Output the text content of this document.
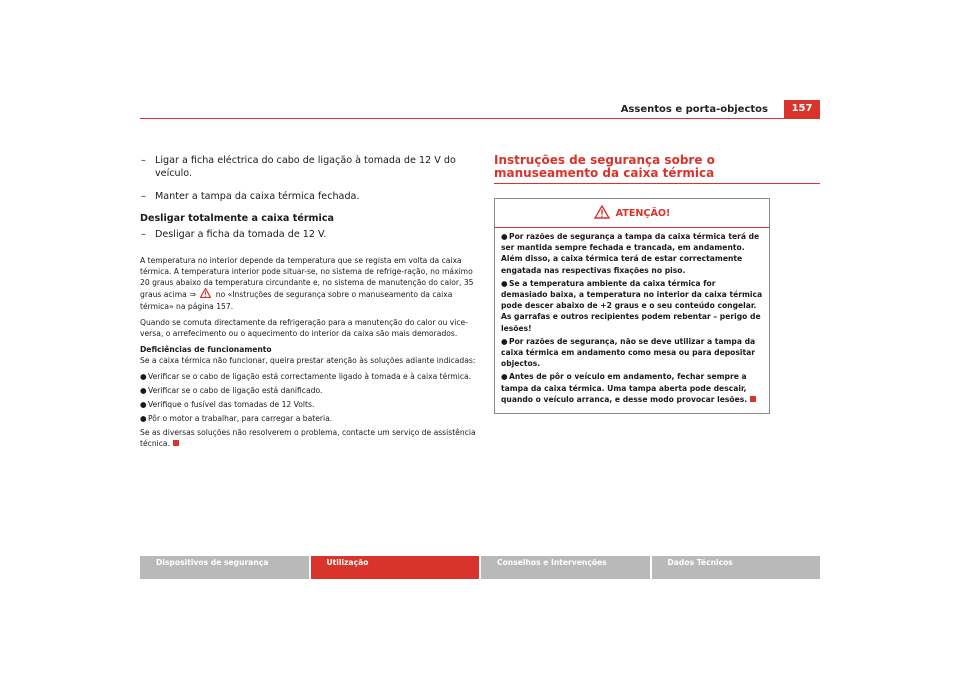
Assentos e porta-objectos	157
– Ligar a ficha eléctrica do cabo de ligação à tomada de 12 V do veículo.
– Manter a tampa da caixa térmica fechada.
Desligar totalmente a caixa térmica
– Desligar a ficha da tomada de 12 V.

A temperatura no interior depende da temperatura que se regista em volta da caixa térmica. A temperatura interior pode situar-se, no sistema de refrige-ração, no máximo 20 graus abaixo da temperatura circundante e, no sistema de manutenção do calor, 35 graus acima ⇒	no «Instruções de segurança sobre o manuseamento da caixa térmica» na página 157.

Quando se comuta directamente da refrigeração para a manutenção do calor ou vice-versa, o arrefecimento ou o aquecimento do interior da caixa são mais demorados.

Deficiências de funcionamento

Se a caixa térmica não funcionar, queira prestar atenção às soluções adiante indicadas:

●Verificar se o cabo de ligação está correctamente ligado à tomada e à caixa térmica.

●Verificar se o cabo de ligação está danificado.

●Verifique o fusível das tomadas de 12 Volts.

●Pôr o motor a trabalhar, para carregar a bateria.

Se as diversas soluções não resolverem o problema, contacte um serviço de assistência técnica.

Instruções de segurança sobre o manuseamento da caixa térmica

ATENÇÃO!

●Por razões de segurança a tampa da caixa térmica terá de ser mantida sempre fechada e trancada, em andamento. Além disso, a caixa térmica terá de estar correctamente engatada nas respectivas fixações no piso.

●Se a temperatura ambiente da caixa térmica for demasiado baixa, a temperatura no interior da caixa térmica pode descer abaixo de +2 graus e o seu conteúdo congelar. As garrafas e outros recipientes podem rebentar – perigo de lesões!

●Por razões de segurança, não se deve utilizar a tampa da caixa térmica em andamento como mesa ou para depositar objectos.

●Antes de pôr o veículo em andamento, fechar sempre a tampa da caixa térmica. Uma tampa aberta pode descair, quando o veículo arranca, e desse modo provocar lesões.

Dispositivos de segurança	Utilização	Conselhos e Intervenções	Dados Técnicos
